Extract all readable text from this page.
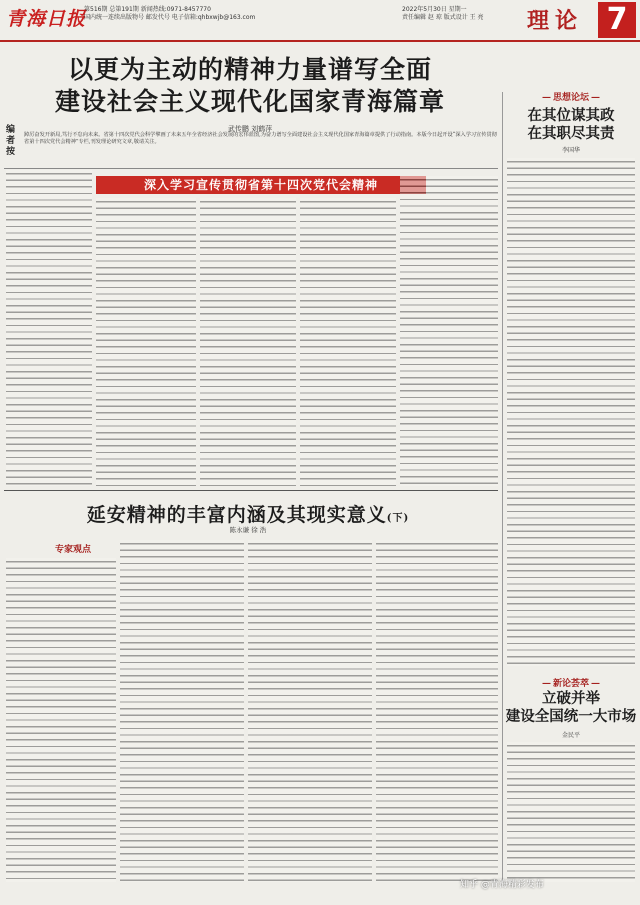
青海日报
第516期 总第191期 新闻热线:0971-8457770
国内统一连续出版物号 邮发代号 电子信箱:qhbxwjb@163.com
2022年5月30日 星期一
责任编辑 赵 琼 版式设计 王 亮 理论 7
以更为主动的精神力量谱写全面
建设社会主义现代化国家青海篇章
武传鹏 刘鹤萍
编者按
踔厉奋发开新局,笃行不怠向未来。省第十四次党代会科学擘画了未来五年全省经济社会发展的宏伟蓝图,为奋力谱写全面建设社会主义现代化国家青海篇章提供了行动指南。本版今日起开设“深入学习宣传贯彻省第十四次党代会精神”专栏,刊发理论研究文章,敬请关注。
深入学习宣传贯彻省第十四次党代会精神
延安精神的丰富内涵及其现实意义(下)
陈永谦 徐 浩
专家观点
— 思想论坛 —
在其位谋其政
在其职尽其责
李国华
— 新论荟萃 —
立破并举
建设全国统一大市场
金民平
知乎 @青海精彩发布
